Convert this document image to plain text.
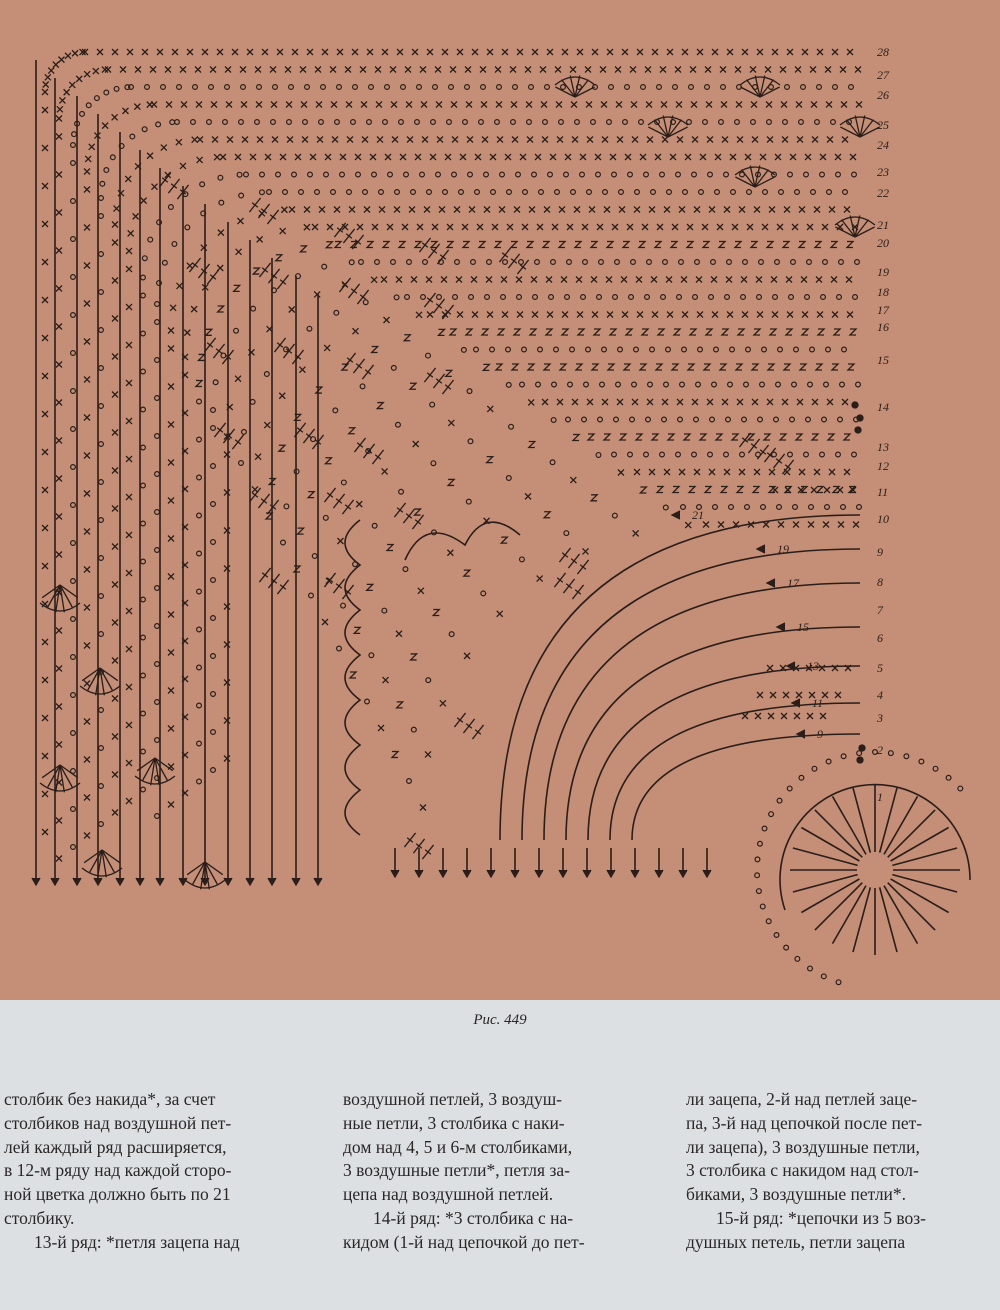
21
19
17
15
13
11
9
28
27
26
25
24
23
22
21
20
19
18
17
16
15
14
13
12
11
10
9
8
7
6
5
4
3
2
1
Рис. 449

столбик без накида*, за счет

столбиков над воздушной пет-

лей каждый ряд расширяется,

в 12-м ряду над каждой сторо-

ной цветка должно быть по 21

столбику.

13-й ряд: *петля зацепа над

воздушной петлей, 3 воздуш-

ные петли, 3 столбика с наки-

дом над 4, 5 и 6-м столбиками,

3 воздушные петли*, петля за-

цепа над воздушной петлей.

14-й ряд: *3 столбика с на-

кидом (1-й над цепочкой до пет-

ли зацепа, 2-й над петлей заце-

па, 3-й над цепочкой после пет-

ли зацепа), 3 воздушные петли,

3 столбика с накидом над стол-

биками, 3 воздушные петли*.

15-й ряд: *цепочки из 5 воз-

душных петель, петли зацепа
